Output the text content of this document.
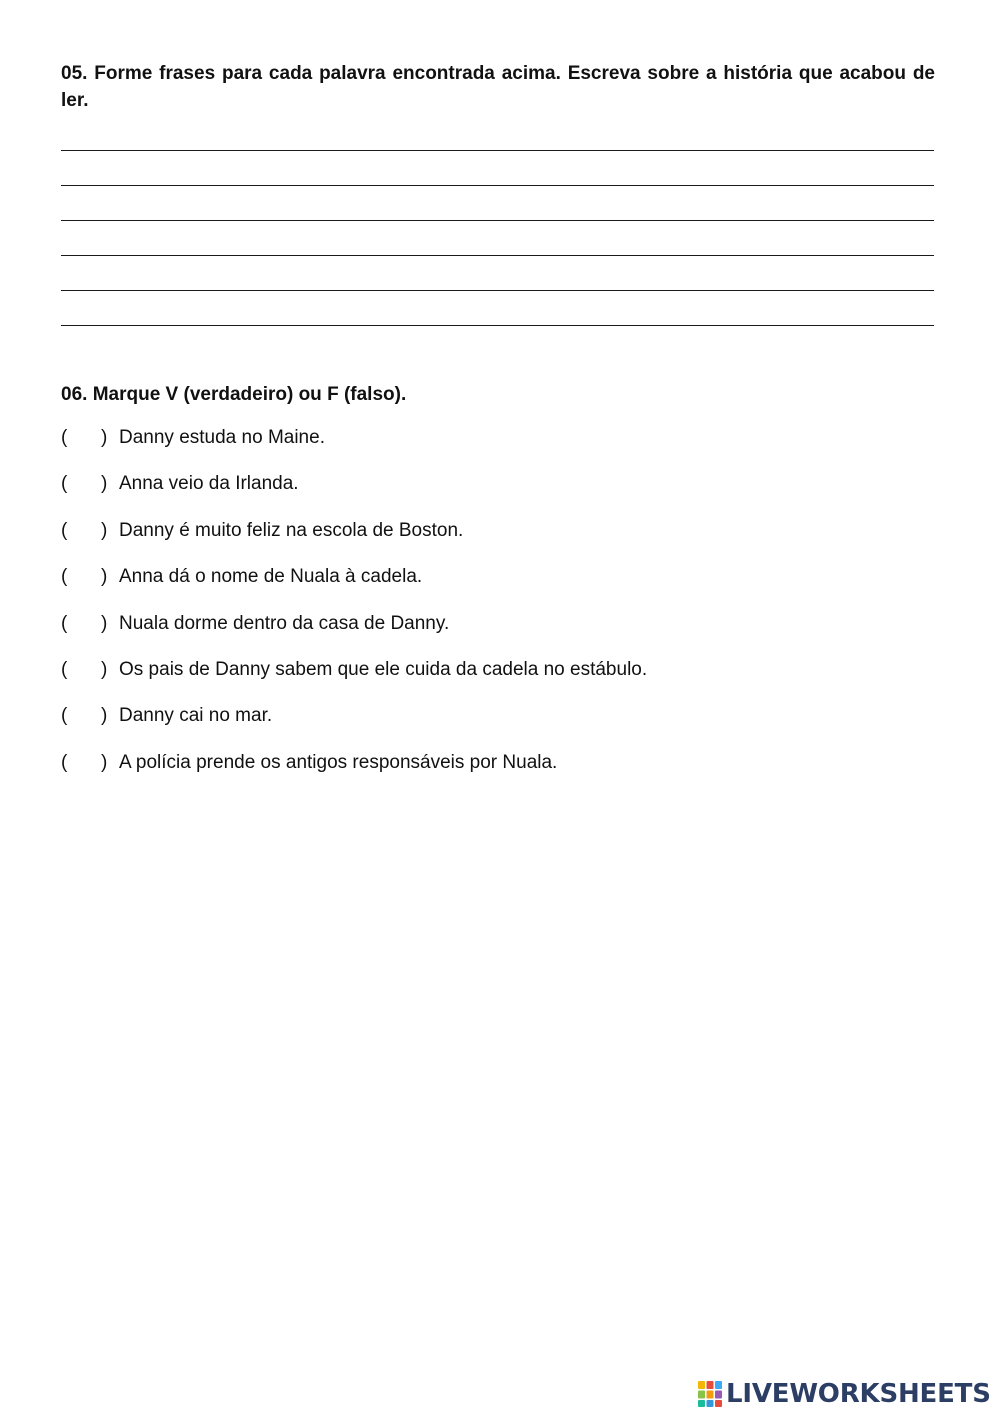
05. Forme frases para cada palavra encontrada acima. Escreva sobre a história que acabou de ler.

06. Marque V (verdadeiro) ou F (falso).

( ) Danny estuda no Maine.
( ) Anna veio da Irlanda.
( ) Danny é muito feliz na escola de Boston.
( ) Anna dá o nome de Nuala à cadela.
( ) Nuala dorme dentro da casa de Danny.
( ) Os pais de Danny sabem que ele cuida da cadela no estábulo.
( ) Danny cai no mar.
( ) A polícia prende os antigos responsáveis por Nuala.
LIVEWORKSHEETS
